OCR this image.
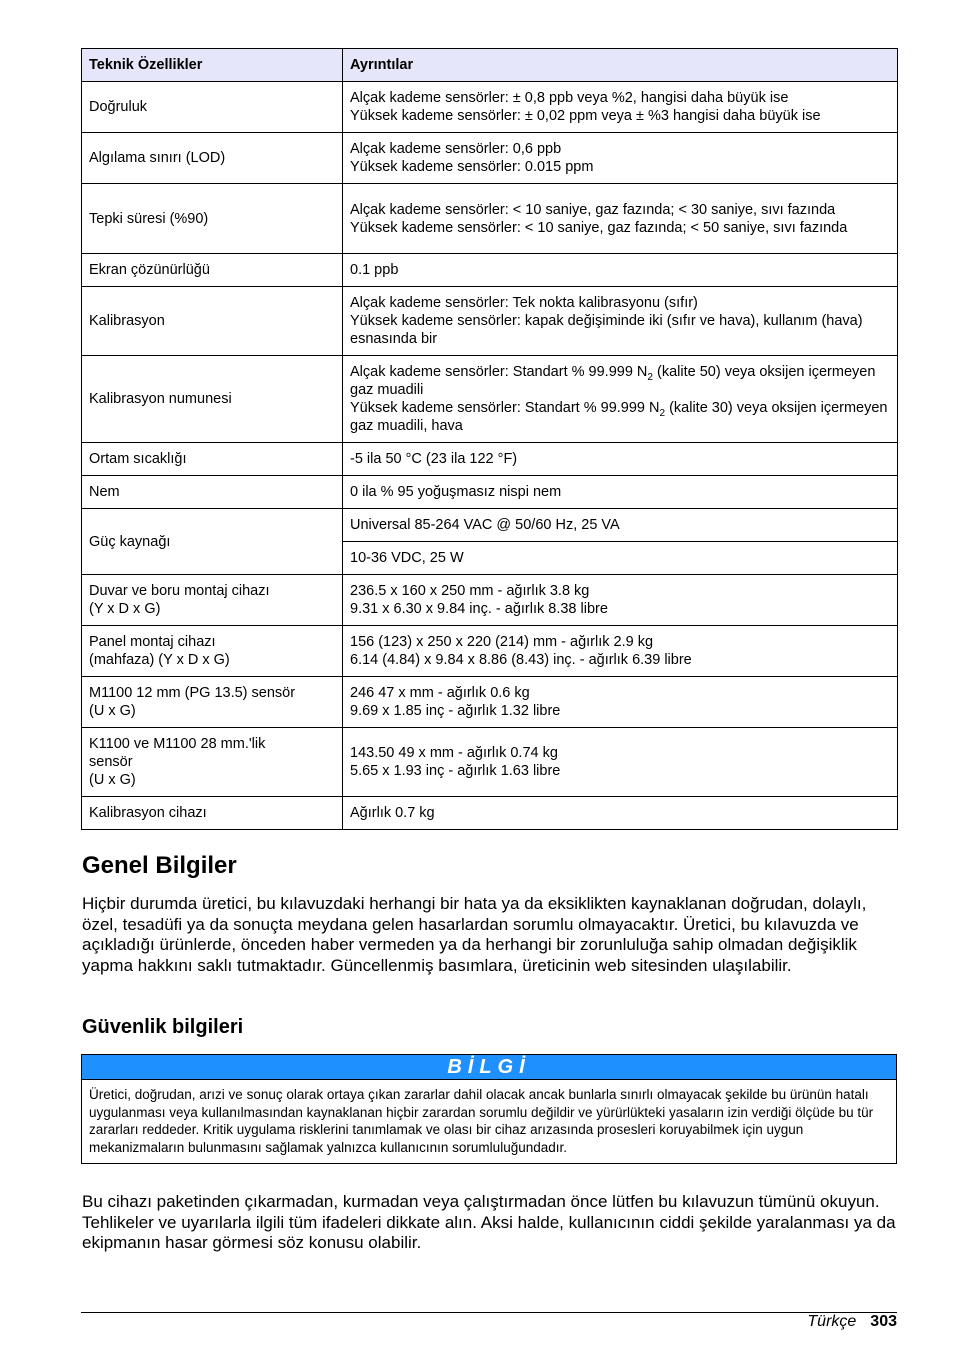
Teknik Özellikler	Ayrıntılar
Doğruluk	Alçak kademe sensörler: ± 0,8 ppb veya %2, hangisi daha büyük ise
Yüksek kademe sensörler: ± 0,02 ppm veya ± %3 hangisi daha büyük ise

Algılama sınırı (LOD)	Alçak kademe sensörler: 0,6 ppb
Yüksek kademe sensörler: 0.015 ppm

Tepki süresi (%90)	Alçak kademe sensörler: < 10 saniye, gaz fazında; < 30 saniye, sıvı fazında
Yüksek kademe sensörler: < 10 saniye, gaz fazında; < 50 saniye, sıvı fazında

Ekran çözünürlüğü	0.1 ppb

Kalibrasyon	Alçak kademe sensörler: Tek nokta kalibrasyonu (sıfır)
Yüksek kademe sensörler: kapak değişiminde iki (sıfır ve hava), kullanım (hava) esnasında bir

Kalibrasyon numunesi	Alçak kademe sensörler: Standart % 99.999 $N_2$ (kalite 50) veya oksijen içermeyen gaz muadili
Yüksek kademe sensörler: Standart % 99.999 $N_2$ (kalite 30) veya oksijen içermeyen gaz muadili, hava

Ortam sıcaklığı	-5 ila 50 °C (23 ila 122 °F)

Nem	0 ila % 95 yoğuşmasız nispi nem

Güç kaynağı	Universal 85-264 VAC @ 50/60 Hz, 25 VA

	10-36 VDC, 25 W

Duvar ve boru montaj cihazı
(Y x D x G)	236.5 x 160 x 250 mm - ağırlık 3.8 kg
9.31 x 6.30 x 9.84 inç. - ağırlık 8.38 libre

Panel montaj cihazı
(mahfaza) (Y x D x G)	156 (123) x 250 x 220 (214) mm - ağırlık 2.9 kg
6.14 (4.84) x 9.84 x 8.86 (8.43) inç. - ağırlık 6.39 libre

M1100 12 mm (PG 13.5) sensör
(U x G)	246 47 x mm - ağırlık 0.6 kg
9.69 x 1.85 inç - ağırlık 1.32 libre

K1100 ve M1100 28 mm.'lik
sensör
(U x G)	143.50 49 x mm - ağırlık 0.74 kg
5.65 x 1.93 inç - ağırlık 1.63 libre

Kalibrasyon cihazı	Ağırlık 0.7 kg
Genel Bilgiler

Hiçbir durumda üretici, bu kılavuzdaki herhangi bir hata ya da eksiklikten kaynaklanan doğrudan, dolaylı, özel, tesadüfi ya da sonuçta meydana gelen hasarlardan sorumlu olmayacaktır. Üretici, bu kılavuzda ve açıkladığı ürünlerde, önceden haber vermeden ya da herhangi bir zorunluluğa sahip olmadan değişiklik yapma hakkını saklı tutmaktadır. Güncellenmiş basımlara, üreticinin web sitesinden ulaşılabilir.

Güvenlik bilgileri
BİLGİ
Üretici, doğrudan, arızi ve sonuç olarak ortaya çıkan zararlar dahil olacak ancak bunlarla sınırlı olmayacak şekilde bu ürünün hatalı uygulanması veya kullanılmasından kaynaklanan hiçbir zarardan sorumlu değildir ve yürürlükteki yasaların izin verdiği ölçüde bu tür zararları reddeder. Kritik uygulama risklerini tanımlamak ve olası bir cihaz arızasında prosesleri koruyabilmek için uygun mekanizmaların bulunmasını sağlamak yalnızca kullanıcının sorumluluğundadır.

Bu cihazı paketinden çıkarmadan, kurmadan veya çalıştırmadan önce lütfen bu kılavuzun tümünü okuyun. Tehlikeler ve uyarılarla ilgili tüm ifadeleri dikkate alın. Aksi halde, kullanıcının ciddi şekilde yaralanması ya da ekipmanın hasar görmesi söz konusu olabilir.

Türkçe 303
